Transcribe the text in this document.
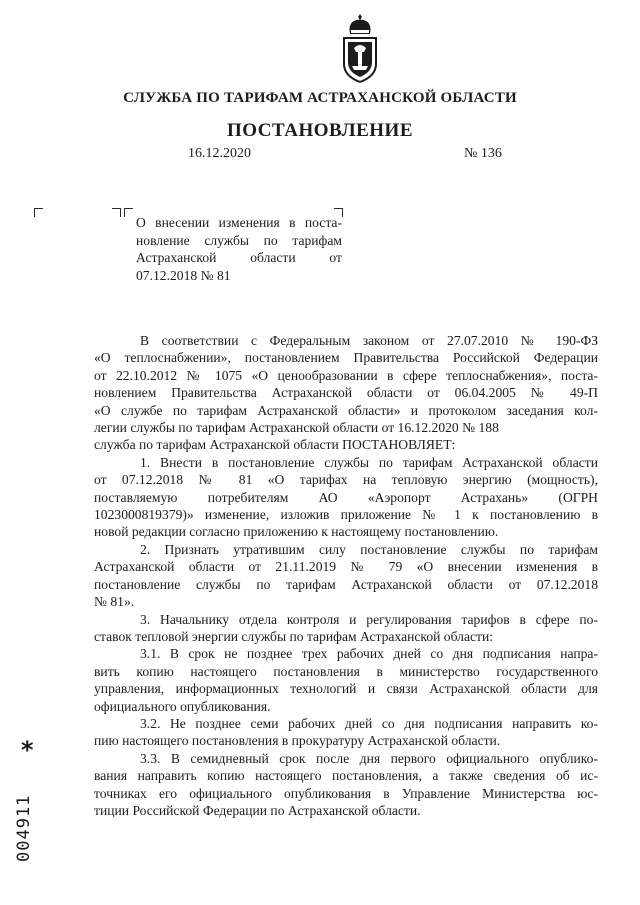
СЛУЖБА ПО ТАРИФАМ АСТРАХАНСКОЙ ОБЛАСТИ
ПОСТАНОВЛЕНИЕ
16.12.2020	№ 136
О внесении изменения в поста-
новление службы по тарифам
Астраханской области от
07.12.2018 № 81
В соответствии с Федеральным законом от 27.07.2010 № 190-ФЗ
«О теплоснабжении», постановлением Правительства Российской Федерации
от 22.10.2012 № 1075 «О ценообразовании в сфере теплоснабжения», поста-
новлением Правительства Астраханской области от 06.04.2005 № 49-П
«О службе по тарифам Астраханской области» и протоколом заседания кол-
легии службы по тарифам Астраханской области от 16.12.2020 № 188
служба по тарифам Астраханской области ПОСТАНОВЛЯЕТ:
1. Внести в постановление службы по тарифам Астраханской области
от 07.12.2018 № 81 «О тарифах на тепловую энергию (мощность),
поставляемую потребителям АО «Аэропорт Астрахань» (ОГРН
1023000819379)» изменение, изложив приложение № 1 к постановлению в
новой редакции согласно приложению к настоящему постановлению.
2. Признать утратившим силу постановление службы по тарифам
Астраханской области от 21.11.2019 № 79 «О внесении изменения в
постановление службы по тарифам Астраханской области от 07.12.2018
№ 81».
3. Начальнику отдела контроля и регулирования тарифов в сфере по-
ставок тепловой энергии службы по тарифам Астраханской области:
3.1. В срок не позднее трех рабочих дней со дня подписания напра-
вить копию настоящего постановления в министерство государственного
управления, информационных технологий и связи Астраханской области для
официального опубликования.
3.2. Не позднее семи рабочих дней со дня подписания направить ко-
пию настоящего постановления в прокуратуру Астраханской области.
3.3. В семидневный срок после дня первого официального опублико-
вания направить копию настоящего постановления, а также сведения об ис-
точниках его официального опубликования в Управление Министерства юс-
тиции Российской Федерации по Астраханской области.
*
004911
